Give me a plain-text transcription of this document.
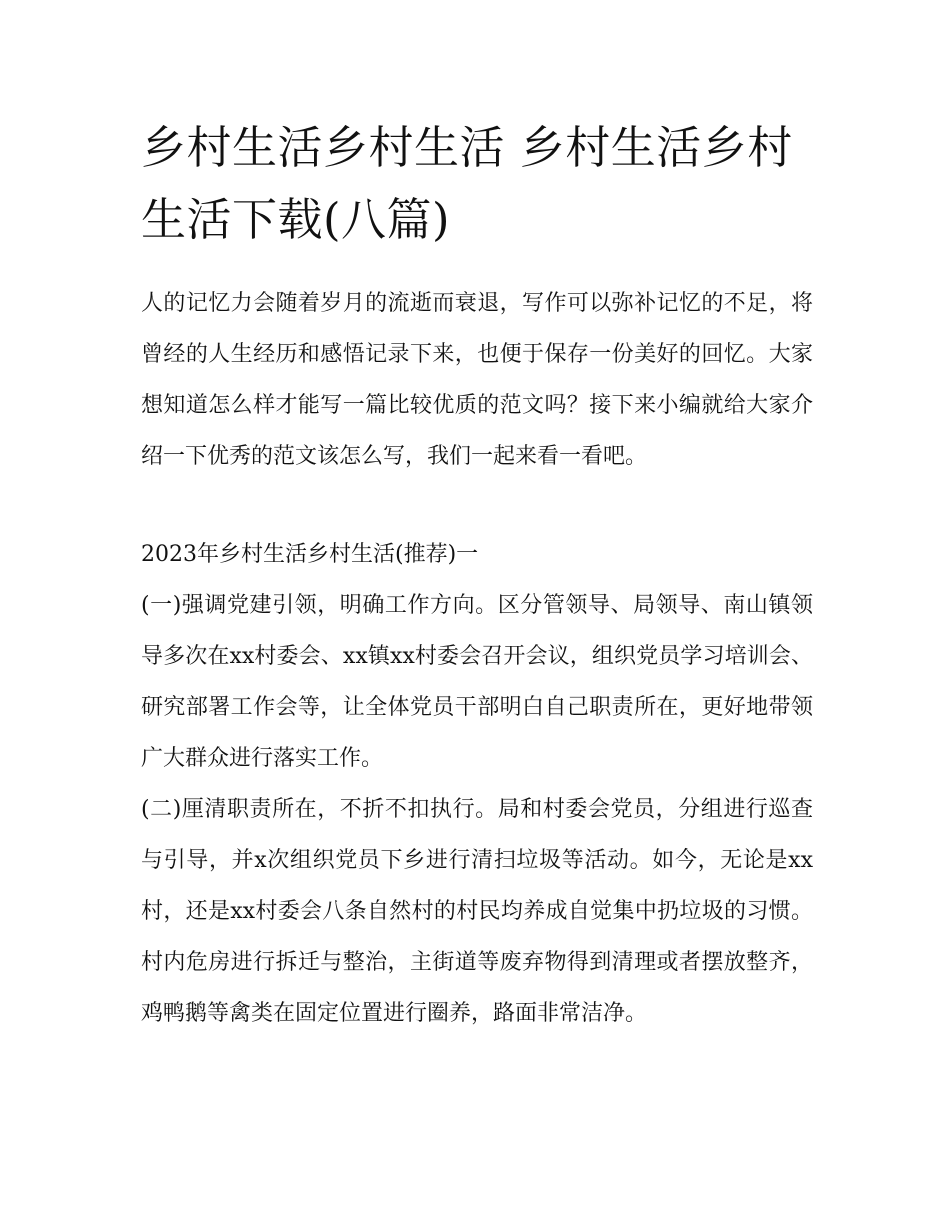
乡村生活乡村生活 乡村生活乡村生活下载(八篇)

人的记忆力会随着岁月的流逝而衰退，写作可以弥补记忆的不足，将曾经的人生经历和感悟记录下来，也便于保存一份美好的回忆。大家想知道怎么样才能写一篇比较优质的范文吗？接下来小编就给大家介绍一下优秀的范文该怎么写，我们一起来看一看吧。

2023年乡村生活乡村生活(推荐)一

(一)强调党建引领，明确工作方向。区分管领导、局领导、南山镇领导多次在xx村委会、xx镇xx村委会召开会议，组织党员学习培训会、研究部署工作会等，让全体党员干部明白自己职责所在，更好地带领广大群众进行落实工作。

(二)厘清职责所在，不折不扣执行。局和村委会党员，分组进行巡查与引导，并x次组织党员下乡进行清扫垃圾等活动。如今，无论是xx村，还是xx村委会八条自然村的村民均养成自觉集中扔垃圾的习惯。村内危房进行拆迁与整治，主街道等废弃物得到清理或者摆放整齐，鸡鸭鹅等禽类在固定位置进行圈养，路面非常洁净。
